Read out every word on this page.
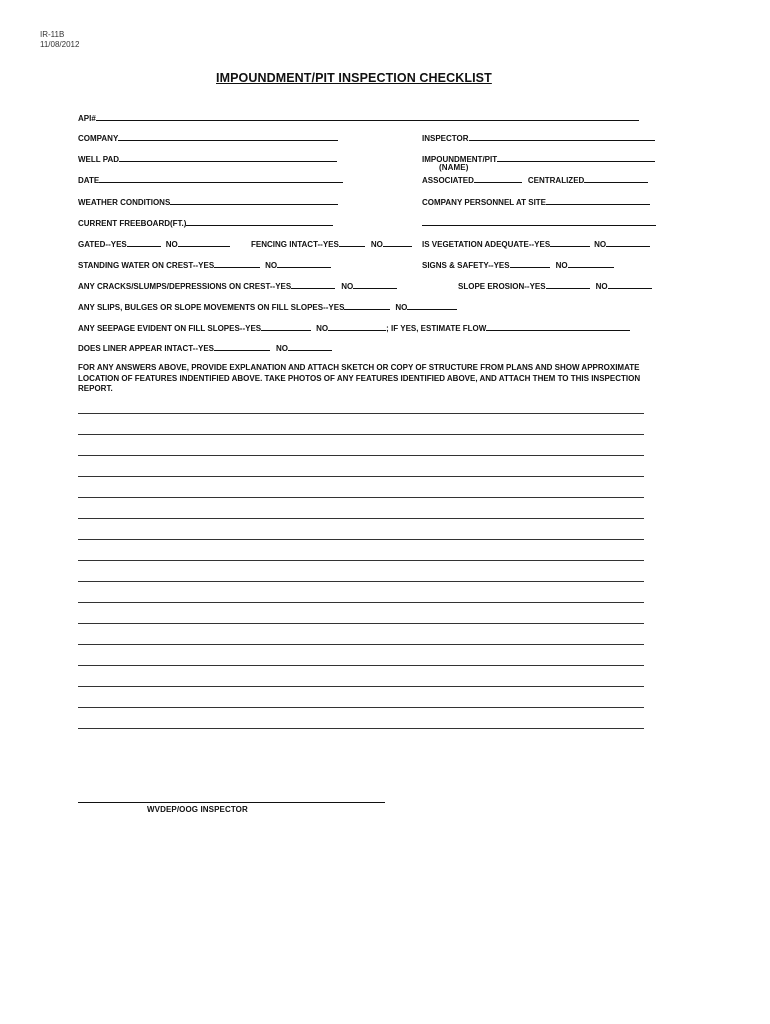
IR-11B
11/08/2012
IMPOUNDMENT/PIT INSPECTION CHECKLIST
API#
COMPANY	INSPECTOR
WELL PAD	IMPOUNDMENT/PIT
(NAME)
DATE	ASSOCIATED	CENTRALIZED
WEATHER CONDITIONS	COMPANY PERSONNEL AT SITE
CURRENT FREEBOARD(FT.)
GATED--YES	NO	FENCING INTACT--YES	NO	IS VEGETATION ADEQUATE--YES	NO
STANDING WATER ON CREST--YES	NO	SIGNS & SAFETY--YES	NO
ANY CRACKS/SLUMPS/DEPRESSIONS ON CREST--YES	NO	SLOPE EROSION--YES	NO
ANY SLIPS, BULGES OR SLOPE MOVEMENTS ON FILL SLOPES--YES	NO
ANY SEEPAGE EVIDENT ON FILL SLOPES--YES	NO	; IF YES, ESTIMATE FLOW
DOES LINER APPEAR INTACT--YES	NO
FOR ANY ANSWERS ABOVE, PROVIDE EXPLANATION AND ATTACH SKETCH OR COPY OF STRUCTURE FROM PLANS AND SHOW APPROXIMATE LOCATION OF FEATURES INDENTIFIED ABOVE. TAKE PHOTOS OF ANY FEATURES IDENTIFIED ABOVE, AND ATTACH THEM TO THIS INSPECTION REPORT.
WVDEP/OOG INSPECTOR
